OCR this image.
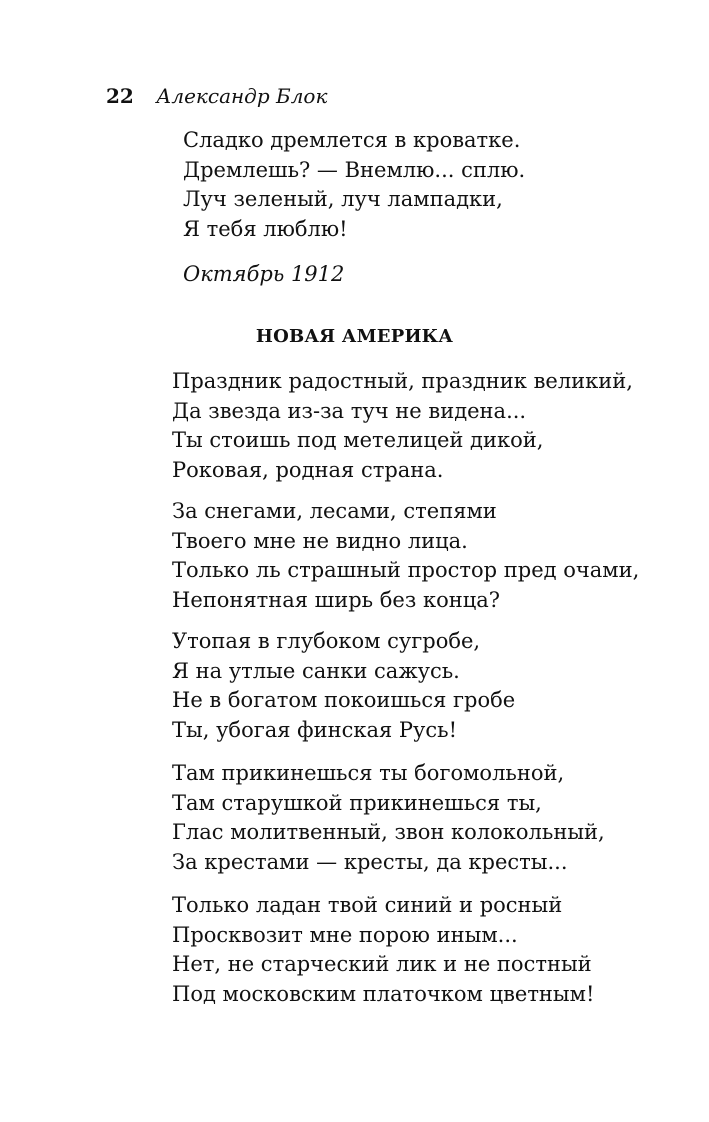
22 Александр Блок
Сладко дремлется в кроватке.
Дремлешь? — Внемлю... сплю.
Луч зеленый, луч лампадки,
Я тебя люблю!
Октябрь 1912
НОВАЯ АМЕРИКА
Праздник радостный, праздник великий,
Да звезда из-за туч не видена...
Ты стоишь под метелицей дикой,
Роковая, родная страна.
За снегами, лесами, степями
Твоего мне не видно лица.
Только ль страшный простор пред очами,
Непонятная ширь без конца?
Утопая в глубоком сугробе,
Я на утлые санки сажусь.
Не в богатом покоишься гробе
Ты, убогая финская Русь!
Там прикинешься ты богомольной,
Там старушкой прикинешься ты,
Глас молитвенный, звон колокольный,
За крестами — кресты, да кресты...
Только ладан твой синий и росный
Просквозит мне порою иным...
Нет, не старческий лик и не постный
Под московским платочком цветным!
